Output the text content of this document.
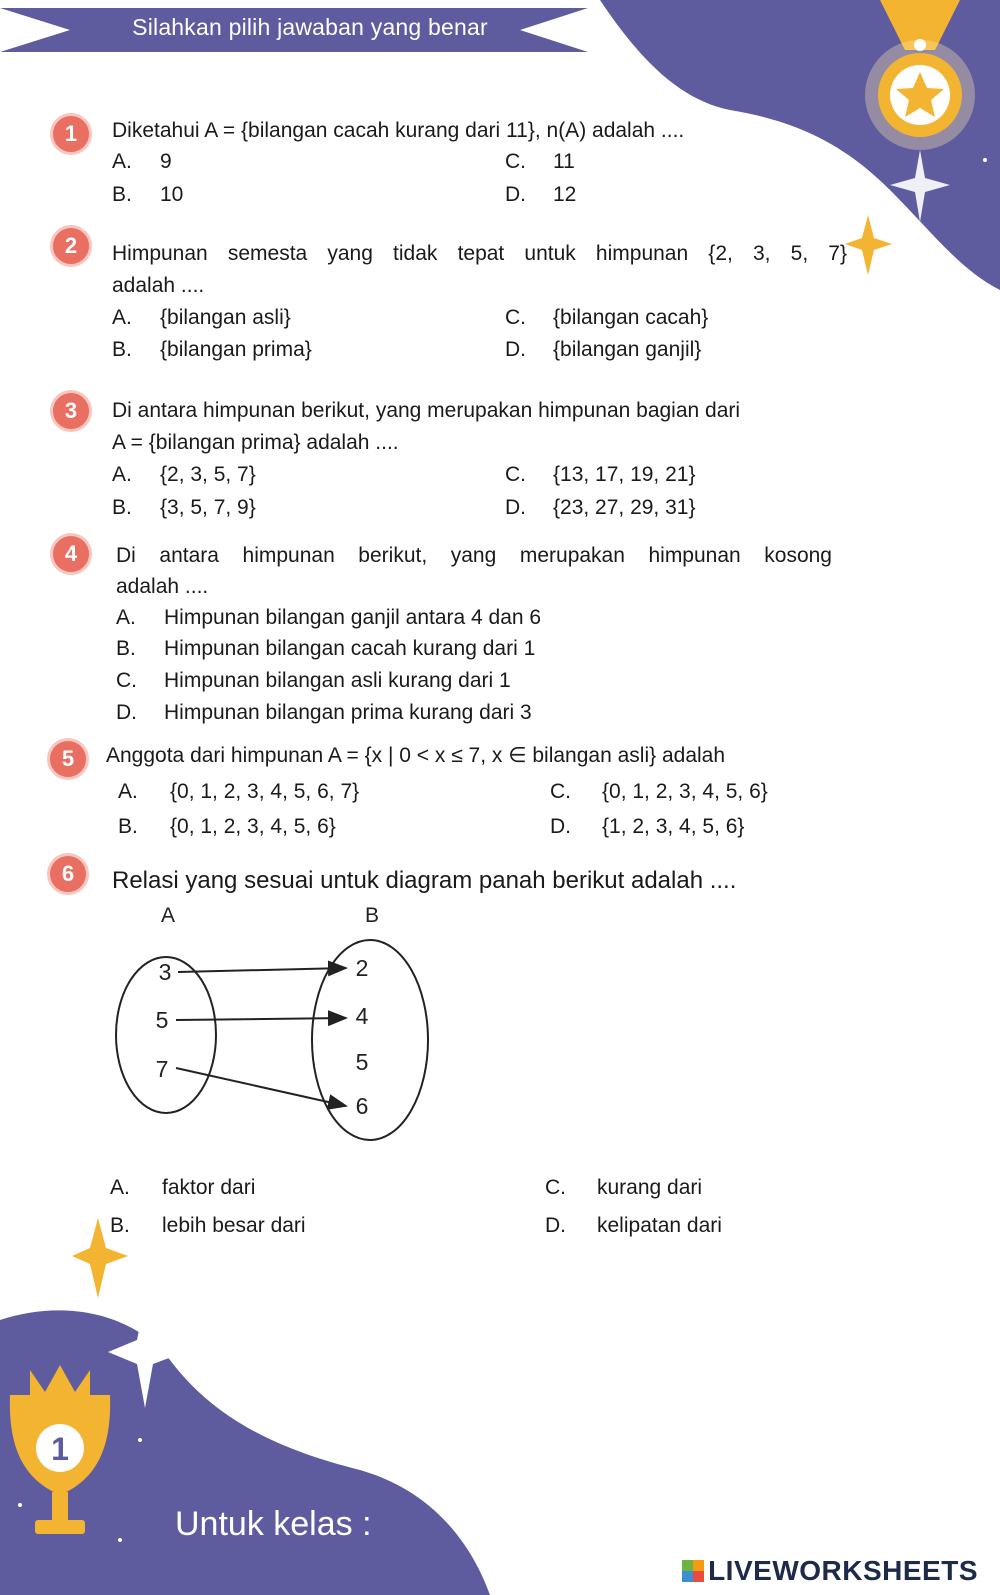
Silahkan pilih jawaban yang benar
1	Diketahui A = {bilangan cacah kurang dari 11}, n(A) adalah ....
A. 9
B. 10
C. 11
D. 12
2	Himpunan semesta yang tidak tepat untuk himpunan {2, 3, 5, 7}
adalah ....
A. {bilangan asli}
B. {bilangan prima}
C. {bilangan cacah}
D. {bilangan ganjil}
3	Di antara himpunan berikut, yang merupakan himpunan bagian dari
A = {bilangan prima} adalah ....
A. {2, 3, 5, 7}
B. {3, 5, 7, 9}
C. {13, 17, 19, 21}
D. {23, 27, 29, 31}
4	Di antara himpunan berikut, yang merupakan himpunan kosong
adalah ....
A. Himpunan bilangan ganjil antara 4 dan 6
B. Himpunan bilangan cacah kurang dari 1
C. Himpunan bilangan asli kurang dari 1
D. Himpunan bilangan prima kurang dari 3
5	Anggota dari himpunan A = {x | 0 < x ≤ 7, x ∈ bilangan asli} adalah
A. {0, 1, 2, 3, 4, 5, 6, 7}
B. {0, 1, 2, 3, 4, 5, 6}
C. {0, 1, 2, 3, 4, 5, 6}
D. {1, 2, 3, 4, 5, 6}
6	Relasi yang sesuai untuk diagram panah berikut adalah ....
A	B
3
5
7
2
4
5
6
A. faktor dari
B. lebih besar dari
C. kurang dari
D. kelipatan dari
1
Untuk kelas :
LIVEWORKSHEETS
